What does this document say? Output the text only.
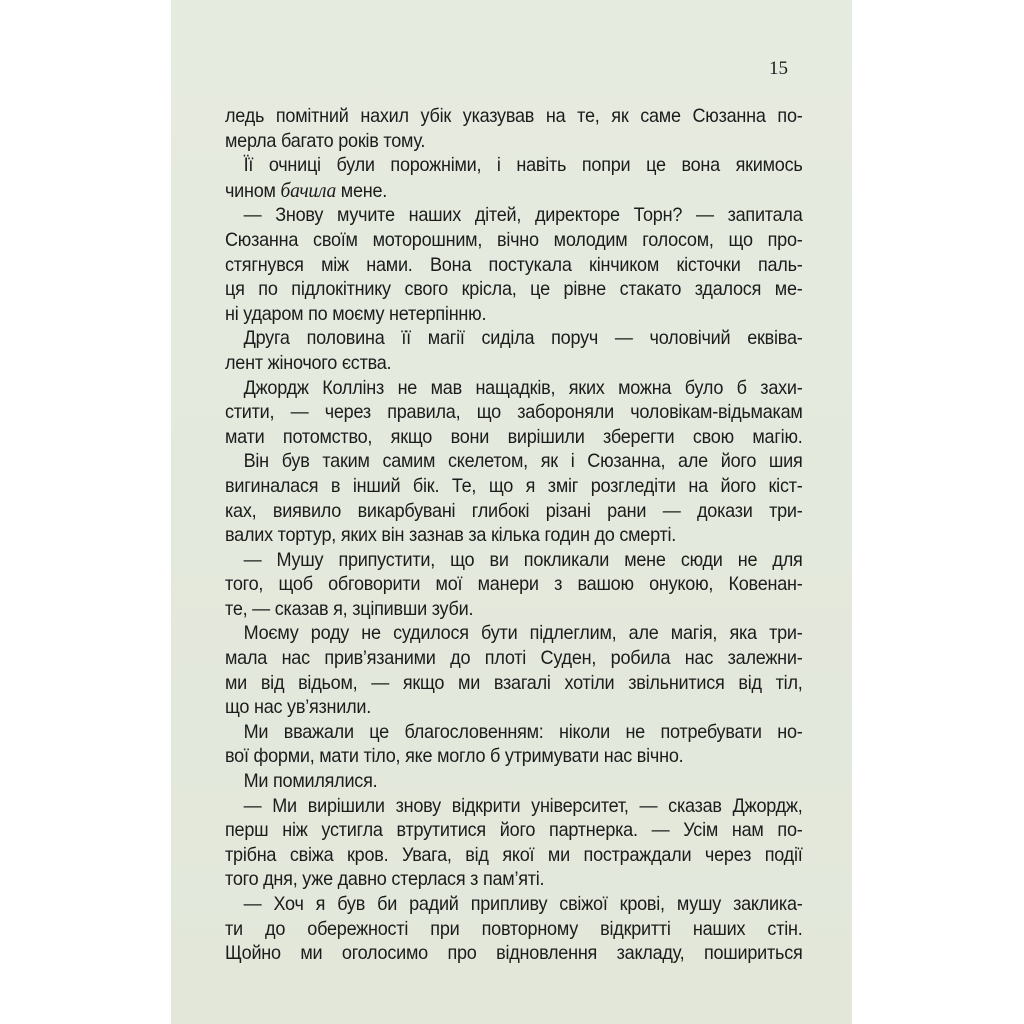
15
ледь помітний нахил убік указував на те, як саме Сюзанна по-
мерла багато років тому.
Її очниці були порожніми, і навіть попри це вона якимось
чином бачила мене.
— Знову мучите наших дітей, директоре Торн? — запитала
Сюзанна своїм моторошним, вічно молодим голосом, що про-
стягнувся між нами. Вона постукала кінчиком кісточки паль-
ця по підлокітнику свого крісла, це рівне стакато здалося ме-
ні ударом по моєму нетерпінню.
Друга половина її магії сиділа поруч — чоловічий еквіва-
лент жіночого єства.
Джордж Коллінз не мав нащадків, яких можна було б захи-
стити, — через правила, що забороняли чоловікам-відьмакам
мати потомство, якщо вони вирішили зберегти свою магію.
Він був таким самим скелетом, як і Сюзанна, але його шия
вигиналася в інший бік. Те, що я зміг розгледіти на його кіст-
ках, виявило викарбувані глибокі різані рани — докази три-
валих тортур, яких він зазнав за кілька годин до смерті.
— Мушу припустити, що ви покликали мене сюди не для
того, щоб обговорити мої манери з вашою онукою, Ковенан-
те, — сказав я, зціпивши зуби.
Моєму роду не судилося бути підлеглим, але магія, яка три-
мала нас прив’язаними до плоті Суден, робила нас залежни-
ми від відьом, — якщо ми взагалі хотіли звільнитися від тіл,
що нас ув’язнили.
Ми вважали це благословенням: ніколи не потребувати но-
вої форми, мати тіло, яке могло б утримувати нас вічно.
Ми помилялися.
— Ми вирішили знову відкрити університет, — сказав Джордж,
перш ніж устигла втрутитися його партнерка. — Усім нам по-
трібна свіжа кров. Увага, від якої ми постраждали через події
того дня, уже давно стерлася з пам’яті.
— Хоч я був би радий припливу свіжої крові, мушу заклика-
ти до обережності при повторному відкритті наших стін.
Щойно ми оголосимо про відновлення закладу, пошириться
